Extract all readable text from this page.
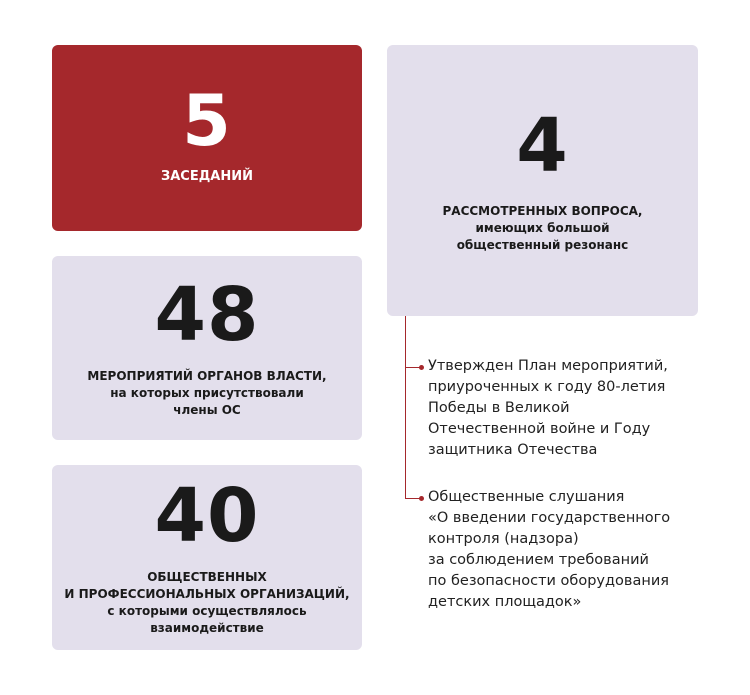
5
ЗАСЕДАНИЙ	4
РАССМОТРЕННЫХ ВОПРОСА,
имеющих большой
общественный резонанс
48
МЕРОПРИЯТИЙ ОРГАНОВ ВЛАСТИ,
на которых присутствовали
члены ОС
40
ОБЩЕСТВЕННЫХ
И ПРОФЕССИОНАЛЬНЫХ ОРГАНИЗАЦИЙ,
с которыми осуществлялось
взаимодействие
Утвержден План мероприятий,
приуроченных к году 80-летия
Победы в Великой
Отечественной войне и Году
защитника Отечества
Общественные слушания
«О введении государственного
контроля (надзора)
за соблюдением требований
по безопасности оборудования
детских площадок»
